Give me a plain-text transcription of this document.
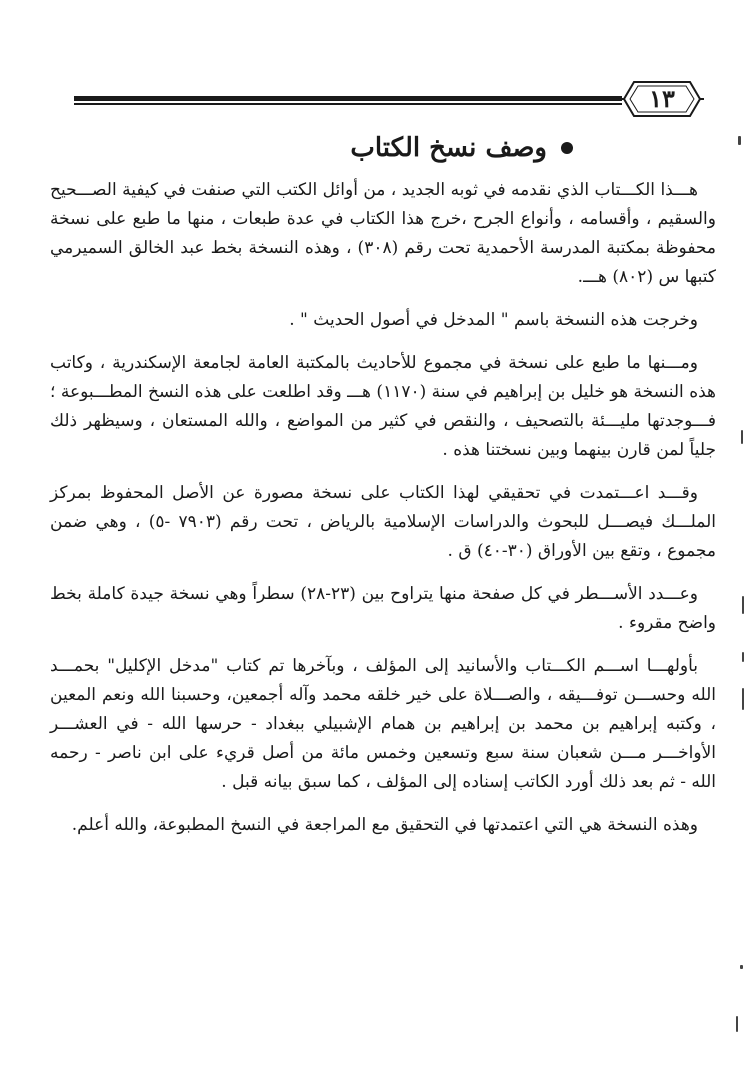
١٣
وصف نسخ الكتاب

هـــذا الكـــتاب الذي نقدمه في ثوبه الجديد ، من أوائل الكتب التي صنفت في كيفية الصـــحيح والسقيم ، وأقسامه ، وأنواع الجرح ،خرج هذا الكتاب في عدة طبعات ، منها ما طبع على نسخة محفوظة بمكتبة المدرسة الأحمدية تحت رقم (٣٠٨) ، وهذه النسخة بخط عبد الخالق السميرمي كتبها س (٨٠٢) هـــ.

وخرجت هذه النسخة باسم " المدخل في أصول الحديث " .

ومـــنها ما طبع على نسخة في مجموع للأحاديث بالمكتبة العامة لجامعة الإسكندرية ، وكاتب هذه النسخة هو خليل بن إبراهيم في سنة (١١٧٠) هـــ وقد اطلعت على هذه النسخ المطـــبوعة ؛ فـــوجدتها مليـــئة بالتصحيف ، والنقص في كثير من المواضع ، والله المستعان ، وسيظهر ذلك جلياً لمن قارن بينهما وبين نسختنا هذه .

وقـــد اعـــتمدت في تحقيقي لهذا الكتاب على نسخة مصورة عن الأصل المحفوظ بمركز الملـــك فيصـــل للبحوث والدراسات الإسلامية بالرياض ، تحت رقم (٧٩٠٣ -٥) ، وهي ضمن مجموع ، وتقع بين الأوراق (٣٠-٤٠) ق .

وعـــدد الأســـطر في كل صفحة منها يتراوح بين (٢٣-٢٨) سطراً وهي نسخة جيدة كاملة بخط واضح مقروء .

بأولهـــا اســـم الكـــتاب والأسانيد إلى المؤلف ، وبآخرها تم كتاب "مدخل الإكليل" بحمـــد الله وحســـن توفـــيقه ، والصـــلاة على خير خلقه محمد وآله أجمعين، وحسبنا الله ونعم المعين ، وكتبه إبراهيم بن محمد بن إبراهيم بن همام الإشبيلي ببغداد - حرسها الله - في العشـــر الأواخـــر مـــن شعبان سنة سبع وتسعين وخمس مائة من أصل قريء على ابن ناصر - رحمه الله - ثم بعد ذلك أورد الكاتب إسناده إلى المؤلف ، كما سبق بيانه قبل .

وهذه النسخة هي التي اعتمدتها في التحقيق مع المراجعة في النسخ المطبوعة، والله أعلم.
